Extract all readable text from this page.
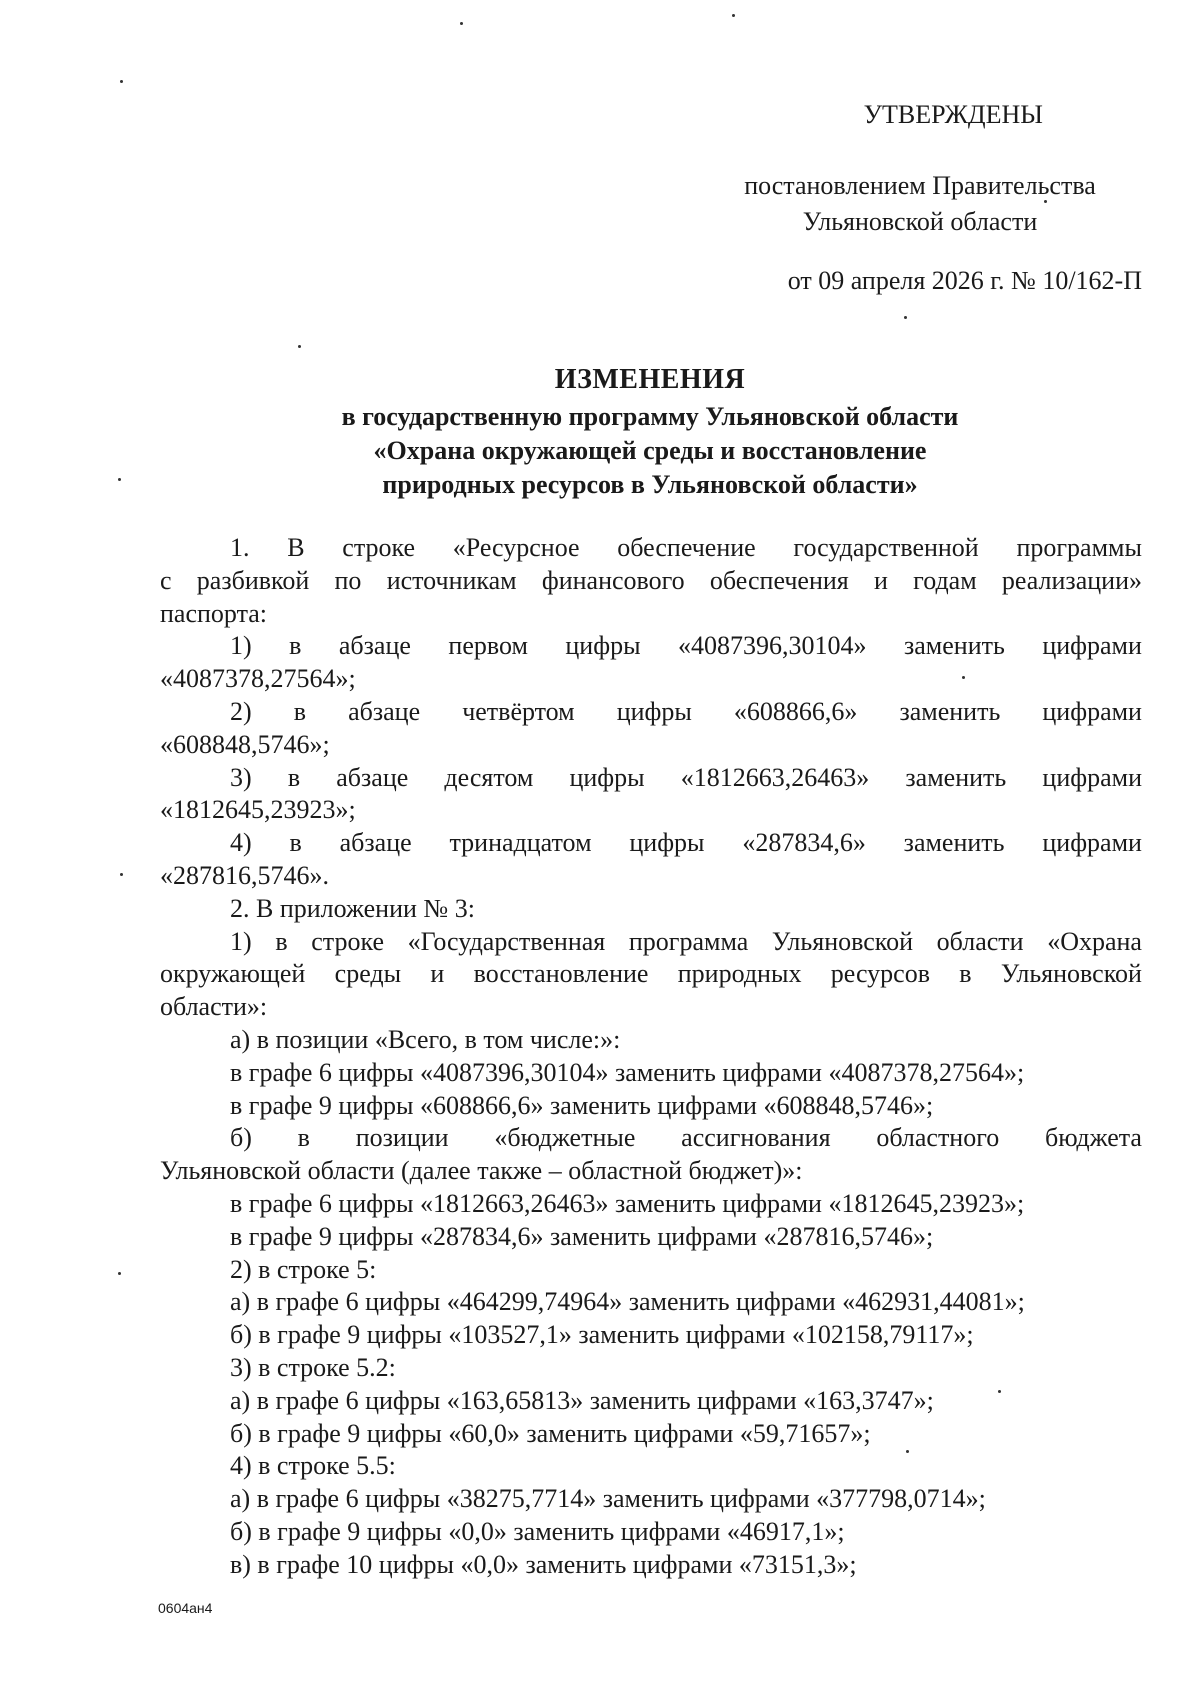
УТВЕРЖДЕНЫ
постановлением Правительства
Ульяновской области
от 09 апреля 2026 г. № 10/162-П
ИЗМЕНЕНИЯ
в государственную программу Ульяновской области
«Охрана окружающей среды и восстановление
природных ресурсов в Ульяновской области»
1. В строке «Ресурсное обеспечение государственной программы
с разбивкой по источникам финансового обеспечения и годам реализации»
паспорта:
1) в абзаце первом цифры «4087396,30104» заменить цифрами
«4087378,27564»;
2) в абзаце четвёртом цифры «608866,6» заменить цифрами
«608848,5746»;
3) в абзаце десятом цифры «1812663,26463» заменить цифрами
«1812645,23923»;
4) в абзаце тринадцатом цифры «287834,6» заменить цифрами
«287816,5746».
2. В приложении № 3:
1) в строке «Государственная программа Ульяновской области «Охрана
окружающей среды и восстановление природных ресурсов в Ульяновской
области»:
а) в позиции «Всего, в том числе:»:
в графе 6 цифры «4087396,30104» заменить цифрами «4087378,27564»;
в графе 9 цифры «608866,6» заменить цифрами «608848,5746»;
б) в позиции «бюджетные ассигнования областного бюджета
Ульяновской области (далее также – областной бюджет)»:
в графе 6 цифры «1812663,26463» заменить цифрами «1812645,23923»;
в графе 9 цифры «287834,6» заменить цифрами «287816,5746»;
2) в строке 5:
а) в графе 6 цифры «464299,74964» заменить цифрами «462931,44081»;
б) в графе 9 цифры «103527,1» заменить цифрами «102158,79117»;
3) в строке 5.2:
а) в графе 6 цифры «163,65813» заменить цифрами «163,3747»;
б) в графе 9 цифры «60,0» заменить цифрами «59,71657»;
4) в строке 5.5:
а) в графе 6 цифры «38275,7714» заменить цифрами «377798,0714»;
б) в графе 9 цифры «0,0» заменить цифрами «46917,1»;
в) в графе 10 цифры «0,0» заменить цифрами «73151,3»;
0604ан4
